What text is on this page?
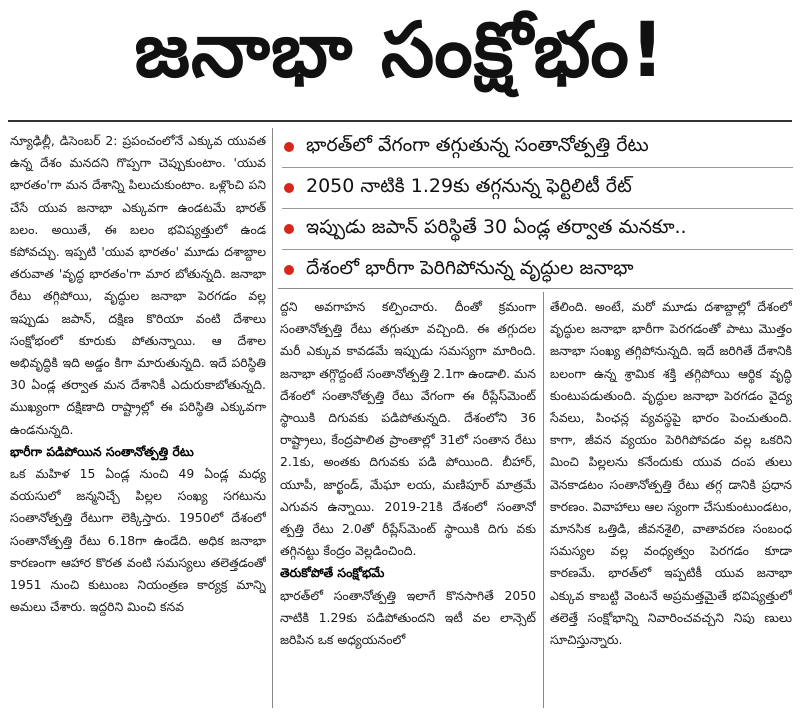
జనాభా సంక్షోభం!
భారత్‌లో వేగంగా తగ్గుతున్న సంతానోత్పత్తి రేటు
2050 నాటికి 1.29కు తగ్గనున్న ఫెర్టిలిటీ రేట్
ఇప్పుడు జపాన్ పరిస్థితే 30 ఏండ్ల తర్వాత మనకూ..
దేశంలో భారీగా పెరిగిపోనున్న వృద్ధుల జనాభా

న్యూఢిల్లీ, డిసెంబర్ 2: ప్రపంచంలోనే ఎక్కువ యువత ఉన్న దేశం మనదని గొప్పగా చెప్పుకుంటాం. 'యువ భారతం'గా మన దేశాన్ని పిలుచుకుంటాం. ఒళ్లొంచి పని చేసే యువ జనాభా ఎక్కువగా ఉండటమే భారత్ బలం. అయితే, ఈ బలం భవిష్యత్తులో ఉండ కపోవచ్చు. ఇప్పటి 'యువ భారతం' మూడు దశాబ్దాల తరువాత 'వృద్ధ భారతం'గా మార బోతున్నది. జనాభా రేటు తగ్గిపోయి, వృద్ధుల జనాభా పెరగడం వల్ల ఇప్పుడు జపాన్, దక్షిణ కొరియా వంటి దేశాలు సంక్షోభంలో కూరుకు పోతున్నాయి. ఆ దేశాల అభివృద్ధికి ఇది అడ్డం కిగా మారుతున్నది. ఇదే పరిస్థితి 30 ఏండ్ల తర్వాత మన దేశానికీ ఎదురుకాబోతున్నది. ముఖ్యంగా దక్షిణాది రాష్ట్రాల్లో ఈ పరిస్థితి ఎక్కువగా ఉండనున్నది.

భారీగా పడిపోయిన సంతానోత్పత్తి రేటు

ఒక మహిళ 15 ఏండ్ల నుంచి 49 ఏండ్ల మధ్య వయసులో జన్మనిచ్చే పిల్లల సంఖ్య సగటును సంతానోత్పత్తి రేటుగా లెక్కిస్తారు. 1950లో దేశంలో సంతానోత్పత్తి రేటు 6.18గా ఉండేది. అధిక జనాభా కారణంగా ఆహార కొరత వంటి సమస్యలు తలెత్తడంతో 1951 నుంచి కుటుంబ నియంత్రణ కార్యక్ర మాన్ని అమలు చేశారు. ఇద్దరిని మించి కనవ

ద్దని అవగాహన కల్పించారు. దీంతో క్రమంగా సంతానోత్పత్తి రేటు తగ్గుతూ వచ్చింది. ఈ తగ్గుదల మరీ ఎక్కువ కావడమే ఇప్పుడు సమస్యగా మారింది. జనాభా తగ్గొద్దంటే సంతానోత్పత్తి 2.1గా ఉండాలి. మన దేశంలో సంతానోత్పత్తి రేటు వేగంగా ఈ రీప్లేస్‌మెంట్ స్థాయికి దిగువకు పడిపోతున్నది. దేశంలోని 36 రాష్ట్రాలు, కేంద్రపాలిత ప్రాంతాల్లో 31లో సంతాన రేటు 2.1కు, అంతకు దిగువకు పడి పోయింది. బీహార్, యూపీ, జార్ఖండ్, మేఘా లయ, మణిపూర్ మాత్రమే ఎగువన ఉన్నాయి. 2019-21కి దేశంలో సంతానో త్పత్తి రేటు 2.0తో రీప్లేస్‌మెంట్ స్థాయికి దిగు వకు తగ్గినట్టు కేంద్రం వెల్లడించింది.

తెరుకోపోతే సంక్షోభమే

భారత్‌లో సంతానోత్పత్తి ఇలాగే కొనసాగితే 2050 నాటికి 1.29కు పడిపోతుందని ఇటీ వల లాన్సెట్ జరిపిన ఒక అధ్యయనంలో

తేలింది. అంటే, మరో మూడు దశాబ్దాల్లో దేశంలో వృద్ధుల జనాభా భారీగా పెరగడంతో పాటు మొత్తం జనాభా సంఖ్య తగ్గిపోనున్నది. ఇదే జరిగితే దేశానికి బలంగా ఉన్న శ్రామిక శక్తి తగ్గిపోయి ఆర్థిక వృద్ధి కుంటుపడుతుంది. వృద్ధుల జనాభా పెరగడం వైద్య సేవలు, పింఛన్ల వ్యవస్థపై భారం పెంచుతుంది. కాగా, జీవన వ్యయం పెరిగిపోవడం వల్ల ఒకరిని మించి పిల్లలను కనేందుకు యువ దంప తులు వెనకాడటం సంతానోత్పత్తి రేటు తగ్గ డానికి ప్రధాన కారణం. వివాహాలు ఆల స్యంగా చేసుకుంటుండటం, మానసిక ఒత్తిడి, జీవనశైలి, వాతావరణ సంబంధ సమస్యల వల్ల వంధ్యత్వం పెరగడం కూడా కారణమే. భారత్‌లో ఇప్పటికీ యువ జనాభా ఎక్కువ కాబట్టి వెంటనే అప్రమత్తమైతే భవిష్యత్తులో తలెత్తే సంక్షోభాన్ని నివారించవచ్చని నిపు ణులు సూచిస్తున్నారు.
